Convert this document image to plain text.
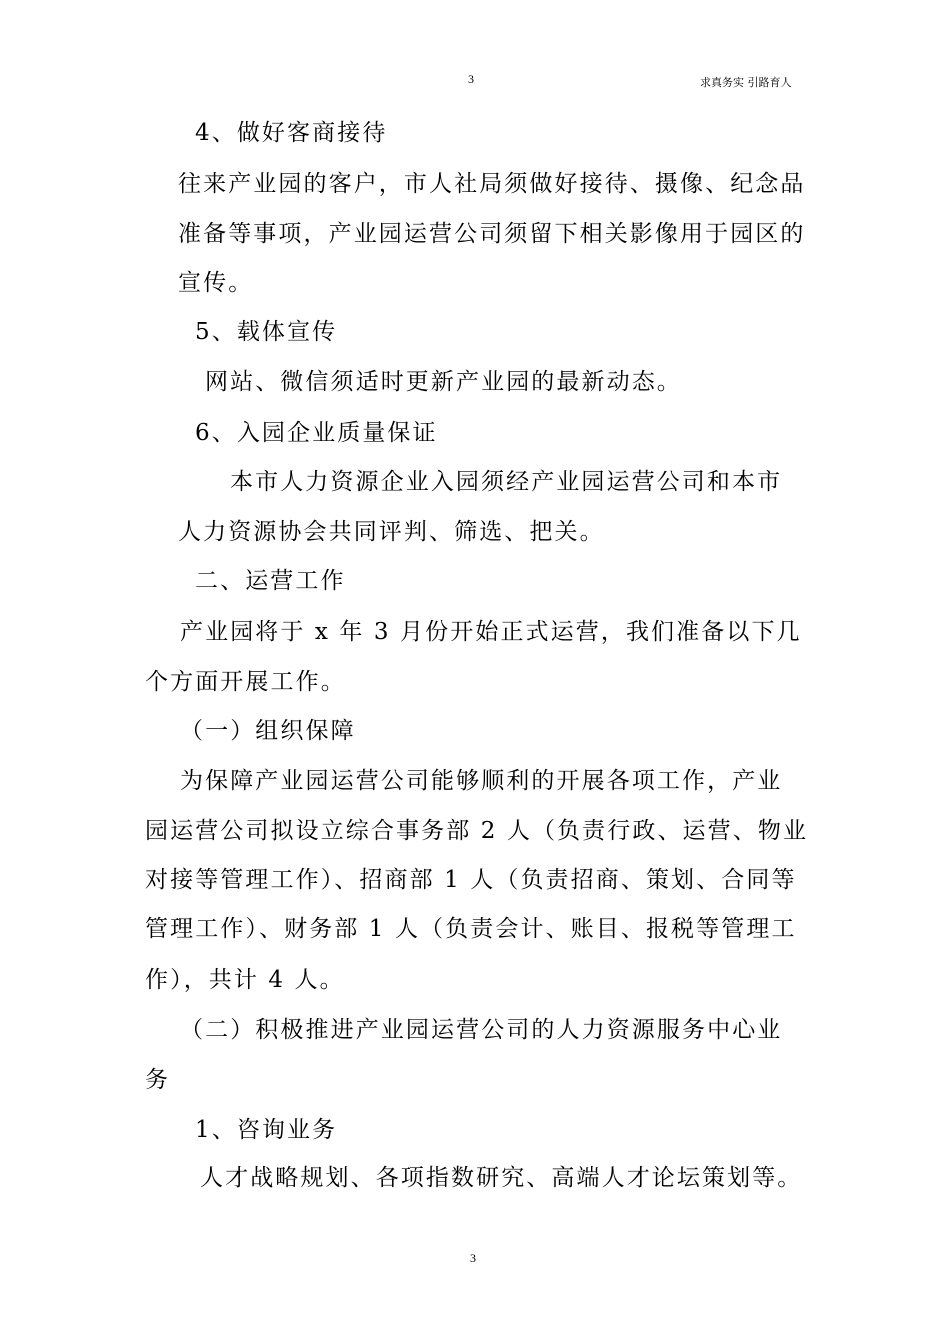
3	求真务实 引路育人
4、做好客商接待
往来产业园的客户，市人社局须做好接待、摄像、纪念品
准备等事项，产业园运营公司须留下相关影像用于园区的
宣传。
5、载体宣传
网站、微信须适时更新产业园的最新动态。
6、入园企业质量保证
本市人力资源企业入园须经产业园运营公司和本市
人力资源协会共同评判、筛选、把关。
二、运营工作
产业园将于 x 年 3 月份开始正式运营，我们准备以下几
个方面开展工作。
（一）组织保障
为保障产业园运营公司能够顺利的开展各项工作，产业
园运营公司拟设立综合事务部 2 人（负责行政、运营、物业
对接等管理工作）、招商部 1 人（负责招商、策划、合同等
管理工作）、财务部 1 人（负责会计、账目、报税等管理工
作），共计 4 人。
（二）积极推进产业园运营公司的人力资源服务中心业
务
1、咨询业务
人才战略规划、各项指数研究、高端人才论坛策划等。
3
